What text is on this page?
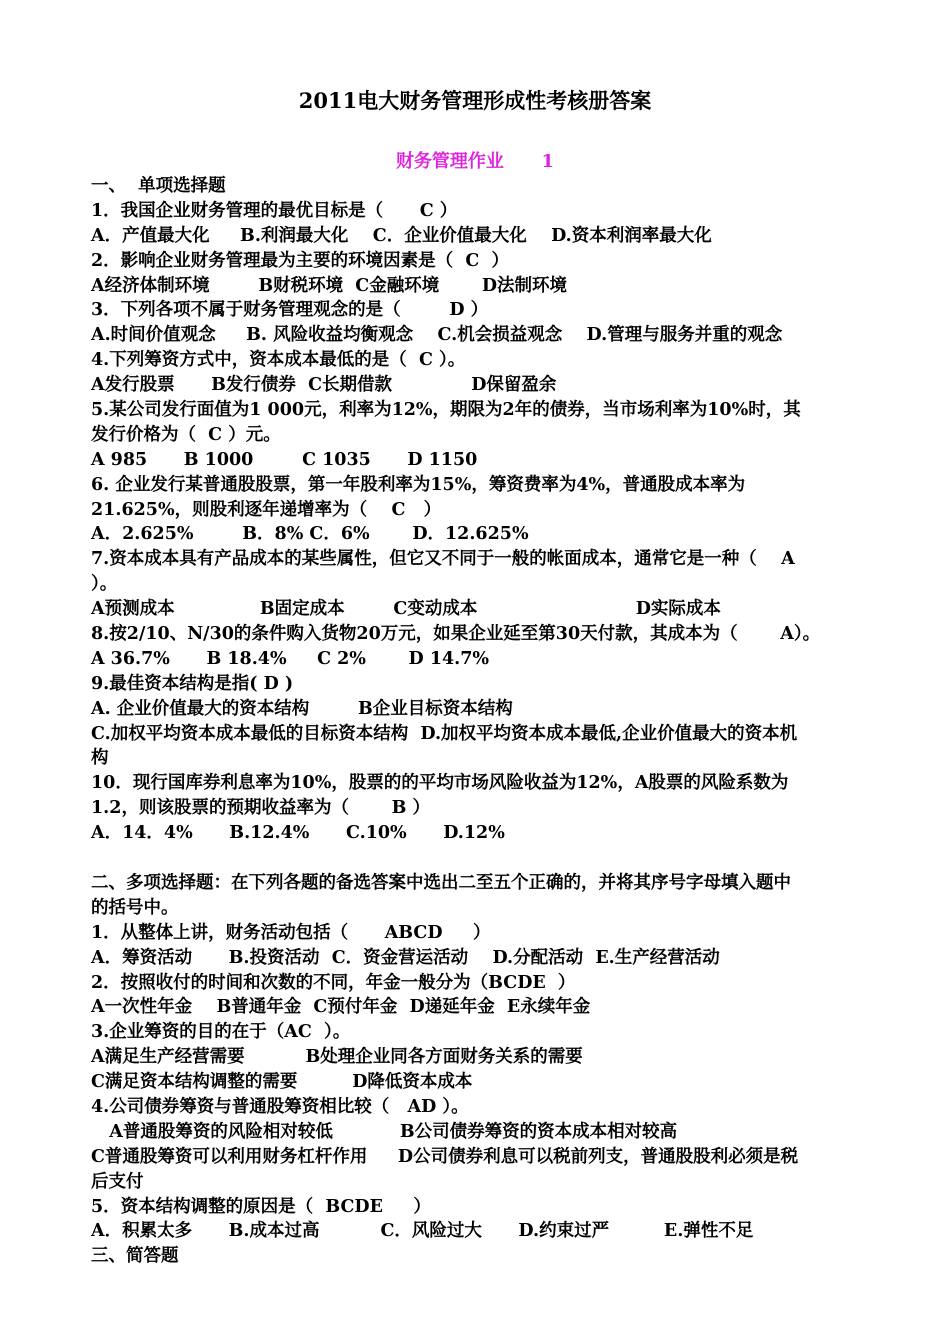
2011电大财务管理形成性考核册答案
财务管理作业      1
一、  单项选择题
1．我国企业财务管理的最优目标是（      C ）
A．产值最大化     B.利润最大化    C．企业价值最大化    D.资本利润率最大化
2．影响企业财务管理最为主要的环境因素是（  C  ）
A经济体制环境        B财税环境  C金融环境       D法制环境
3．下列各项不属于财务管理观念的是（        D ）
A.时间价值观念     B. 风险收益均衡观念    C.机会损益观念    D.管理与服务并重的观念
4.下列筹资方式中，资本成本最低的是（  C ）。
A发行股票      B发行债券  C长期借款             D保留盈余
5.某公司发行面值为1 000元，利率为12%，期限为2年的债券，当市场利率为10%时，其
发行价格为（  C ）元。
A 985      B 1000        C 1035      D 1150
6. 企业发行某普通股股票，第一年股利率为15%，筹资费率为4%，普通股成本率为
21.625%，则股利逐年递增率为（    C   ）
A．2.625%        B．8% C．6%       D．12.625%
7.资本成本具有产品成本的某些属性，但它又不同于一般的帐面成本，通常它是一种（    A
）。
A预测成本              B固定成本        C变动成本                          D实际成本
8.按2/10、N/30的条件购入货物20万元，如果企业延至第30天付款，其成本为（       A）。
A 36.7%      B 18.4%     C 2%       D 14.7%
9.最佳资本结构是指( D )
A. 企业价值最大的资本结构        B企业目标资本结构
C.加权平均资本成本最低的目标资本结构  D.加权平均资本成本最低,企业价值最大的资本机
构
10．现行国库券利息率为10%，股票的的平均市场风险收益为12%，A股票的风险系数为
1.2，则该股票的预期收益率为（       B ）
A．14．4%      B.12.4%      C.10%      D.12%
二、多项选择题：在下列各题的备选答案中选出二至五个正确的，并将其序号字母填入题中
的括号中。
1．从整体上讲，财务活动包括（      ABCD     ）
A．筹资活动      B.投资活动  C．资金营运活动    D.分配活动  E.生产经营活动
2．按照收付的时间和次数的不同，年金一般分为（BCDE  ）
A一次性年金    B普通年金  C预付年金  D递延年金  E永续年金
3.企业筹资的目的在于（AC  ）。
A满足生产经营需要          B处理企业同各方面财务关系的需要
C满足资本结构调整的需要         D降低资本成本
4.公司债券筹资与普通股筹资相比较（   AD ）。
A普通股筹资的风险相对较低           B公司债券筹资的资本成本相对较高
C普通股筹资可以利用财务杠杆作用     D公司债券利息可以税前列支，普通股股利必须是税
后支付
5．资本结构调整的原因是（  BCDE     ）
A．积累太多      B.成本过高          C．风险过大      D.约束过严         E.弹性不足
三、简答题
